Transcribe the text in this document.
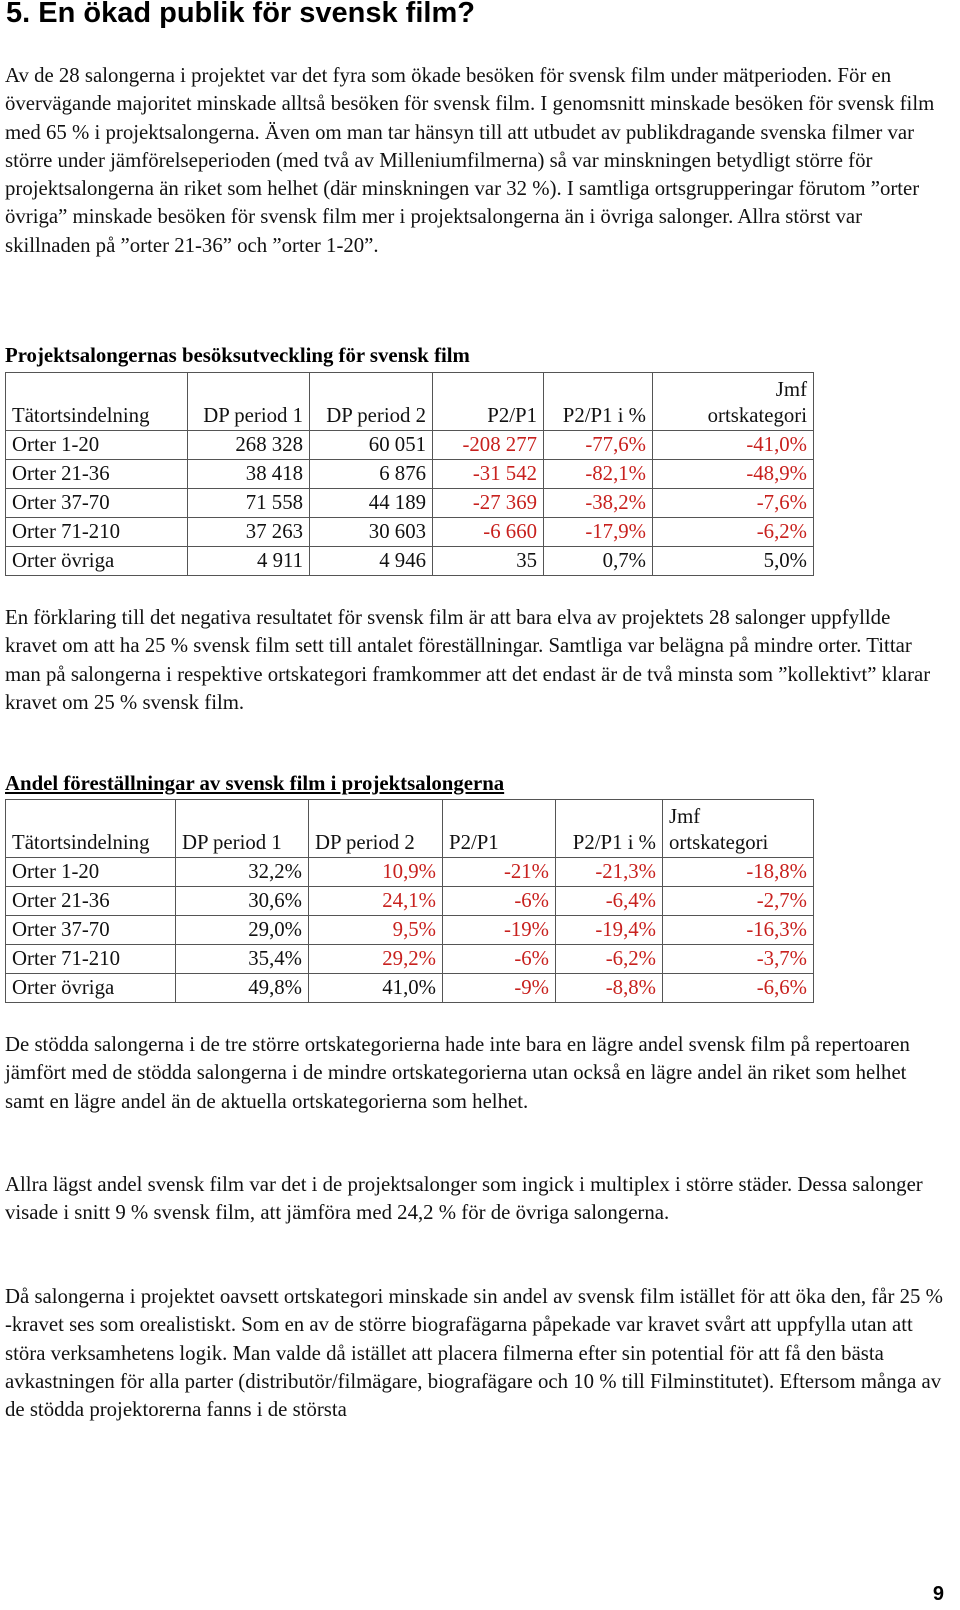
5. En ökad publik för svensk film?

Av de 28 salongerna i projektet var det fyra som ökade besöken för svensk film under mätperioden. För en övervägande majoritet minskade alltså besöken för svensk film. I genomsnitt minskade besöken för svensk film med 65 % i projektsalongerna. Även om man tar hänsyn till att utbudet av publikdragande svenska filmer var större under jämförelseperioden (med två av Milleniumfilmerna) så var minskningen betydligt större för projektsalongerna än riket som helhet (där minskningen var 32 %). I samtliga ortsgrupperingar förutom ”orter övriga” minskade besöken för svensk film mer i projektsalongerna än i övriga salonger. Allra störst var skillnaden på ”orter 21-36” och ”orter 1-20”.

Projektsalongernas besöksutveckling för svensk film

Tätortsindelning	DP period 1	DP period 2	P2/P1	P2/P1 i %	Jmf
ortskategori
Orter 1-20	268 328	60 051	-208 277	-77,6%	-41,0%
Orter 21-36	38 418	6 876	-31 542	-82,1%	-48,9%
Orter 37-70	71 558	44 189	-27 369	-38,2%	-7,6%
Orter 71-210	37 263	30 603	-6 660	-17,9%	-6,2%
Orter övriga	4 911	4 946	35	0,7%	5,0%

En förklaring till det negativa resultatet för svensk film är att bara elva av projektets 28 salonger uppfyllde kravet om att ha 25 % svensk film sett till antalet föreställningar. Samtliga var belägna på mindre orter. Tittar man på salongerna i respektive ortskategori framkommer att det endast är de två minsta som ”kollektivt” klarar kravet om 25 % svensk film.

Andel föreställningar av svensk film i projektsalongerna

Tätortsindelning	DP period 1	DP period 2	P2/P1	P2/P1 i %	Jmf
ortskategori
Orter 1-20	32,2%	10,9%	-21%	-21,3%	-18,8%
Orter 21-36	30,6%	24,1%	-6%	-6,4%	-2,7%
Orter 37-70	29,0%	9,5%	-19%	-19,4%	-16,3%
Orter 71-210	35,4%	29,2%	-6%	-6,2%	-3,7%
Orter övriga	49,8%	41,0%	-9%	-8,8%	-6,6%

De stödda salongerna i de tre större ortskategorierna hade inte bara en lägre andel svensk film på repertoaren jämfört med de stödda salongerna i de mindre ortskategorierna utan också en lägre andel än riket som helhet samt en lägre andel än de aktuella ortskategorierna som helhet.

Allra lägst andel svensk film var det i de projektsalonger som ingick i multiplex i större städer. Dessa salonger visade i snitt 9 % svensk film, att jämföra med 24,2 % för de övriga salongerna.

Då salongerna i projektet oavsett ortskategori minskade sin andel av svensk film istället för att öka den, får 25 % -kravet ses som orealistiskt. Som en av de större biografägarna påpekade var kravet svårt att uppfylla utan att störa verksamhetens logik. Man valde då istället att placera filmerna efter sin potential för att få den bästa avkastningen för alla parter (distributör/filmägare, biografägare och 10 % till Filminstitutet). Eftersom många av de stödda projektorerna fanns i de största

9
